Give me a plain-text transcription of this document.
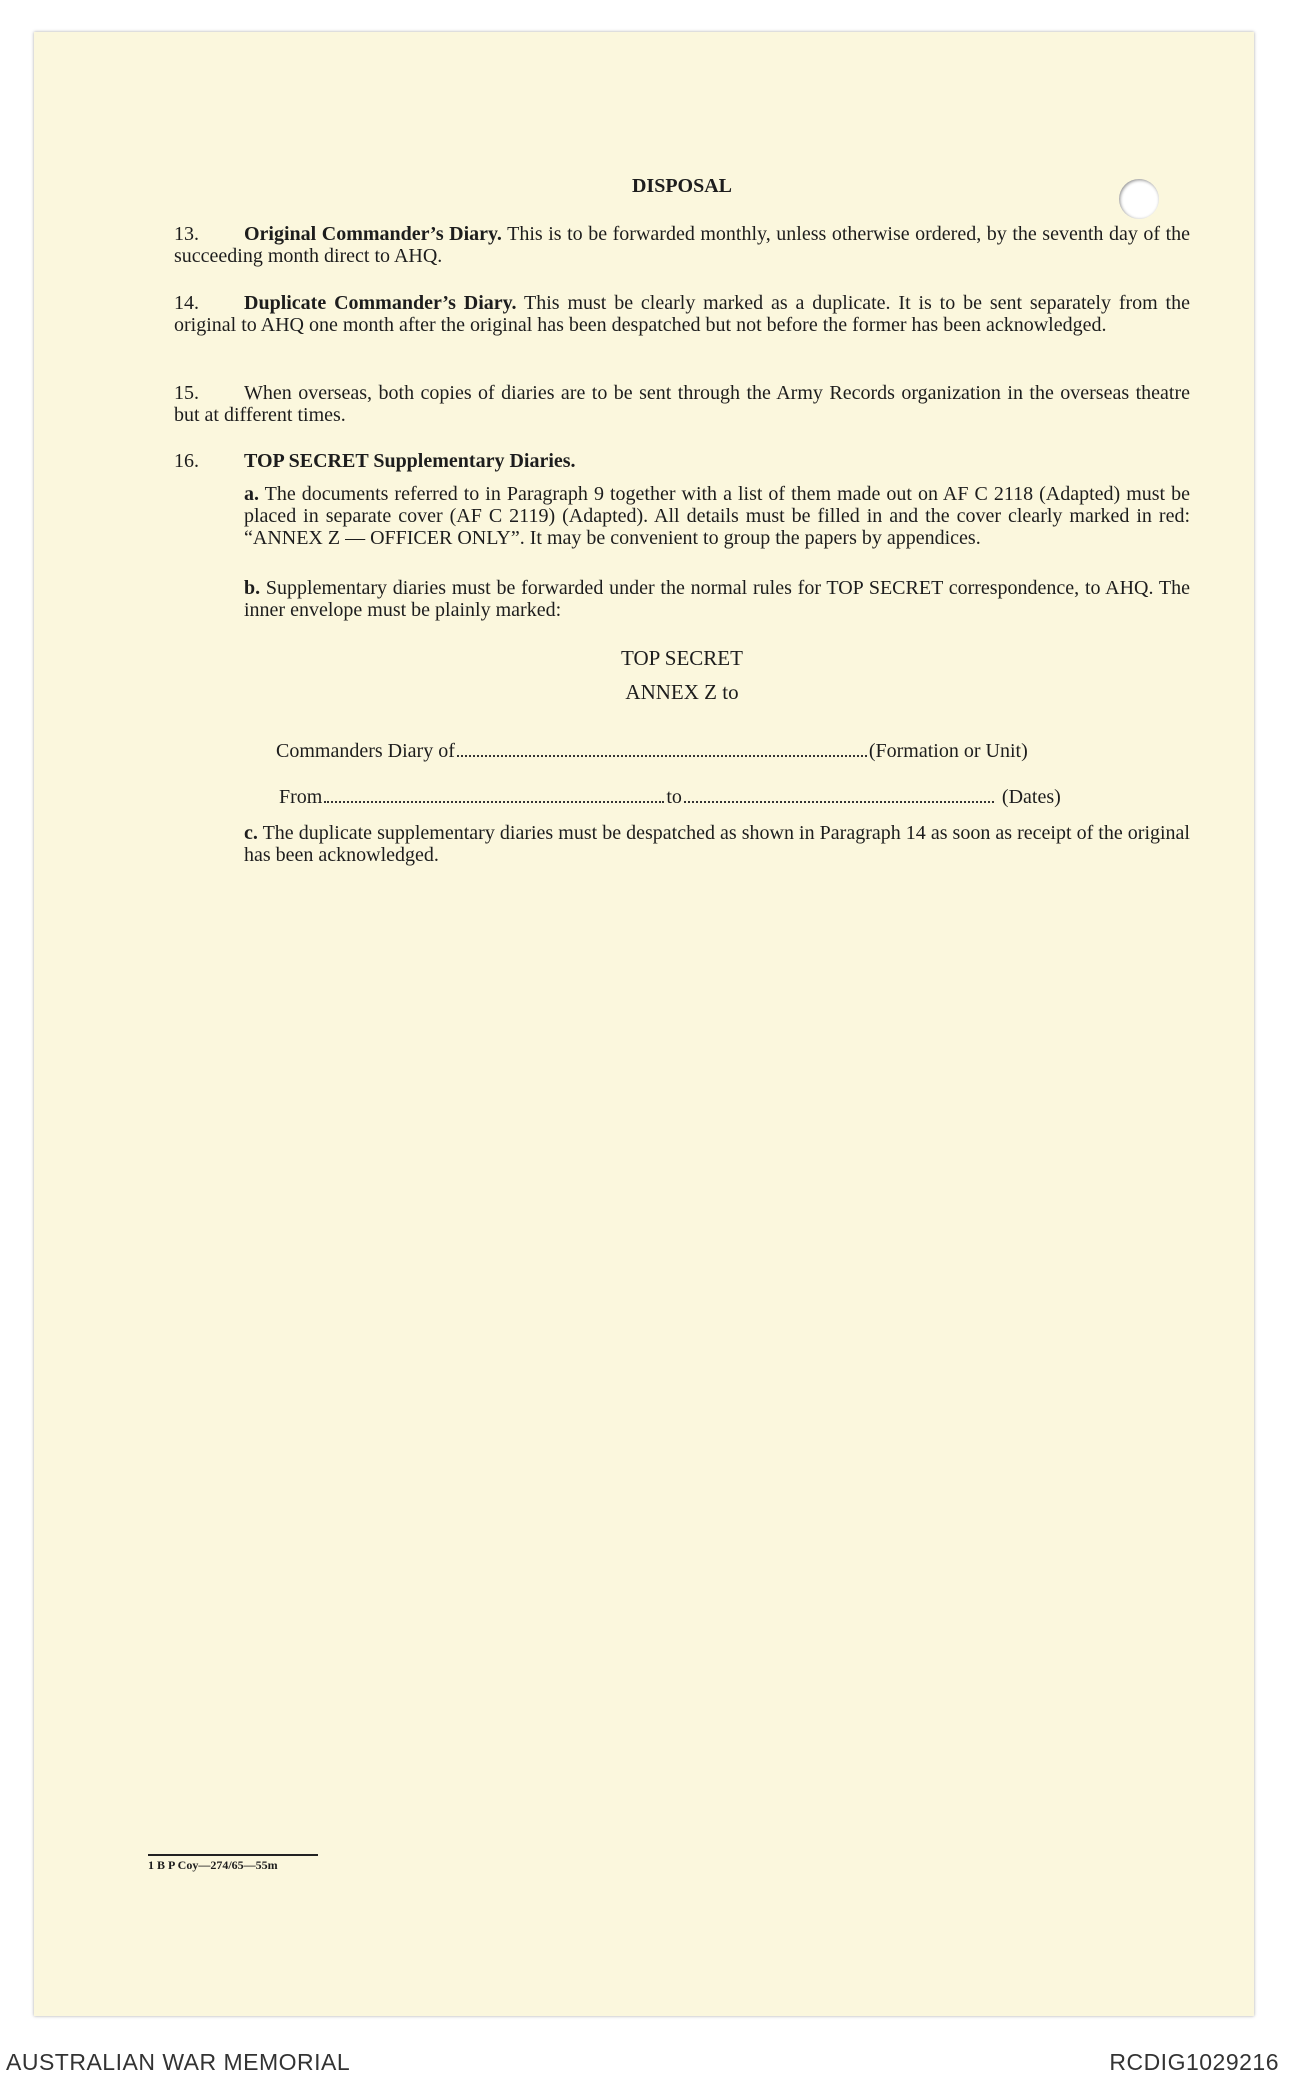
DISPOSAL
13. Original Commander’s Diary. This is to be forwarded monthly, unless otherwise ordered, by the seventh day of the succeeding month direct to AHQ.
14. Duplicate Commander’s Diary. This must be clearly marked as a duplicate. It is to be sent separately from the original to AHQ one month after the original has been despatched but not before the former has been acknowledged.
15. When overseas, both copies of diaries are to be sent through the Army Records organization in the overseas theatre but at different times.
16. TOP SECRET Supplementary Diaries.
a. The documents referred to in Paragraph 9 together with a list of them made out on AF C 2118 (Adapted) must be placed in separate cover (AF C 2119) (Adapted). All details must be filled in and the cover clearly marked in red: “ANNEX Z — OFFICER ONLY”. It may be convenient to group the papers by appendices.
b. Supplementary diaries must be forwarded under the normal rules for TOP SECRET correspondence, to AHQ. The inner envelope must be plainly marked:
TOP SECRET
ANNEX Z to
Commanders Diary of	(Formation or Unit)
From	to	(Dates)
c. The duplicate supplementary diaries must be despatched as shown in Paragraph 14 as soon as receipt of the original has been acknowledged.
1 B P Coy—274/65—55m
AUSTRALIAN WAR MEMORIAL	RCDIG1029216
